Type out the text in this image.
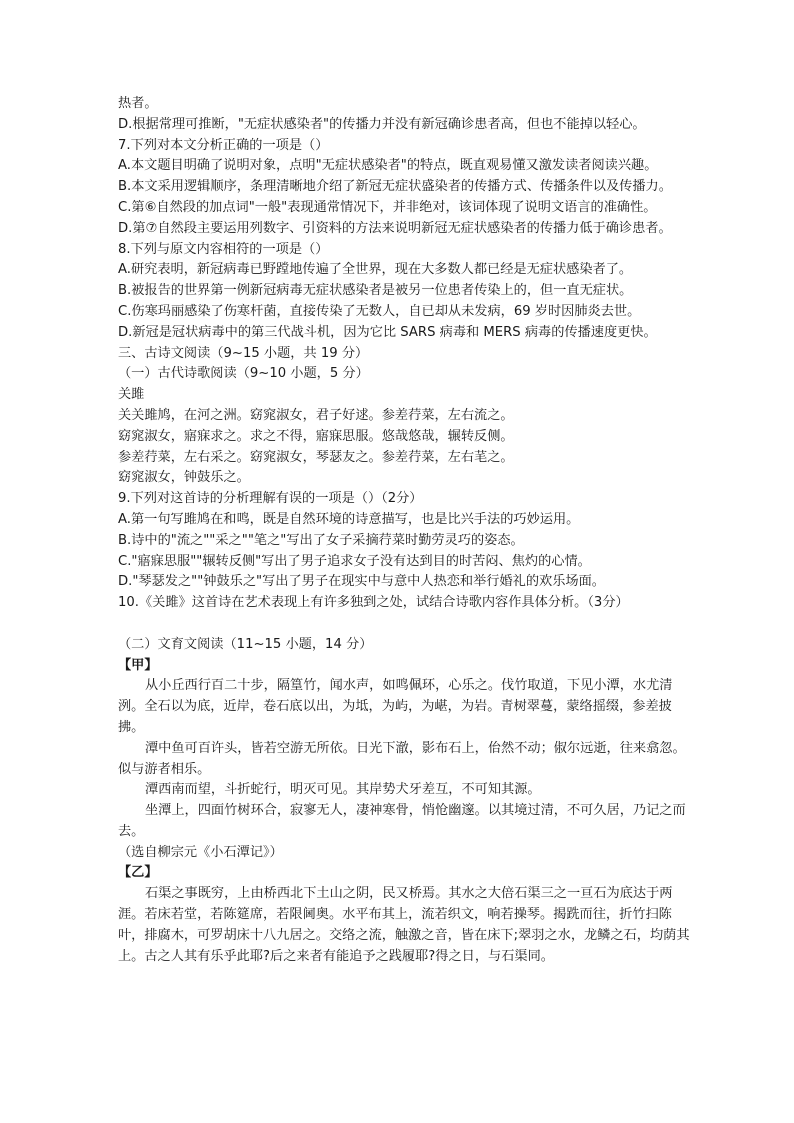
热者。

D.根据常理可推断，"无症状感染者"的传播力并没有新冠确诊患者高，但也不能掉以轻心。

7.下列对本文分析正确的一项是（）

A.本文题目明确了说明对象，点明"无症状感染者"的特点，既直观易懂又激发读者阅读兴趣。

B.本文采用逻辑顺序，条理清晰地介绍了新冠无症状盛染者的传播方式、传播条件以及传播力。

C.第⑥自然段的加点词"一般"表现通常情况下，并非绝对，该词体现了说明文语言的准确性。

D.第⑦自然段主要运用列数字、引资料的方法来说明新冠无症状感染者的传播力低于确诊患者。

8.下列与原文内容相符的一项是（）

A.研究表明，新冠病毒已野蹚地传遍了全世界，现在大多数人都已经是无症状感染者了。

B.被报告的世界第一例新冠病毒无症状感染者是被另一位患者传染上的，但一直无症状。

C.伤寒玛丽感染了伤寒杆菌，直接传染了无数人，自已却从未发病，69 岁时因肺炎去世。

D.新冠是冠状病毒中的第三代战斗机，因为它比 SARS 病毒和 MERS 病毒的传播速度更快。

三、古诗文阅读（9~15 小题，共 19 分）

（一）古代诗歌阅读（9~10 小题，5 分）

关雎

关关雎鸠，在河之洲。窈窕淑女，君子好逑。参差荇菜，左右流之。

窈窕淑女，寤寐求之。求之不得，寤寐思服。悠哉悠哉，辗转反侧。

参差荇菜，左右采之。窈窕淑女，琴瑟友之。参差荇菜，左右芼之。

窈窕淑女，钟鼓乐之。

9.下列对这首诗的分析理解有误的一项是（）（2分）

A.第一句写雎鸠在和鸣，既是自然环境的诗意描写，也是比兴手法的巧妙运用。

B.诗中的"流之""采之""笔之"写出了女子采摘荇菜时勤劳灵巧的姿态。

C."寤寐思服""辗转反侧"写出了男子追求女子没有达到目的时苦闷、焦灼的心情。

D."琴瑟发之""钟鼓乐之"写出了男子在现实中与意中人热恋和举行婚礼的欢乐场面。

10.《关雎》这首诗在艺术表现上有许多独到之处，试结合诗歌内容作具体分析。（3分）

（二）文育文阅读（11~15 小题，14 分）

【甲】

从小丘西行百二十步，隔篁竹，闻水声，如鸣佩环，心乐之。伐竹取道，下见小潭，水尤清洌。全石以为底，近岸，卷石底以出，为坻，为屿，为嵁，为岩。青树翠蔓，蒙络摇缀，参差披拂。

潭中鱼可百许头，皆若空游无所依。日光下澈，影布石上，佁然不动；俶尔远逝，往来翕忽。似与游者相乐。

潭西南而望，斗折蛇行，明灭可见。其岸势犬牙差互，不可知其源。

坐潭上，四面竹树环合，寂寥无人，凄神寒骨，悄怆幽邃。以其境过清，不可久居，乃记之而去。

（选自柳宗元《小石潭记》）

【乙】

石渠之事既穷，上由桥西北下土山之阴，民又桥焉。其水之大倍石渠三之一亘石为底达于两涯。若床若堂，若陈筵席，若限阃奥。水平布其上，流若织文，响若操琴。揭跣而往，折竹扫陈叶，排腐木，可罗胡床十八九居之。交络之流，触激之音，皆在床下;翠羽之水，龙鳞之石，均荫其上。古之人其有乐乎此耶?后之来者有能追予之践履耶?得之日，与石渠同。
